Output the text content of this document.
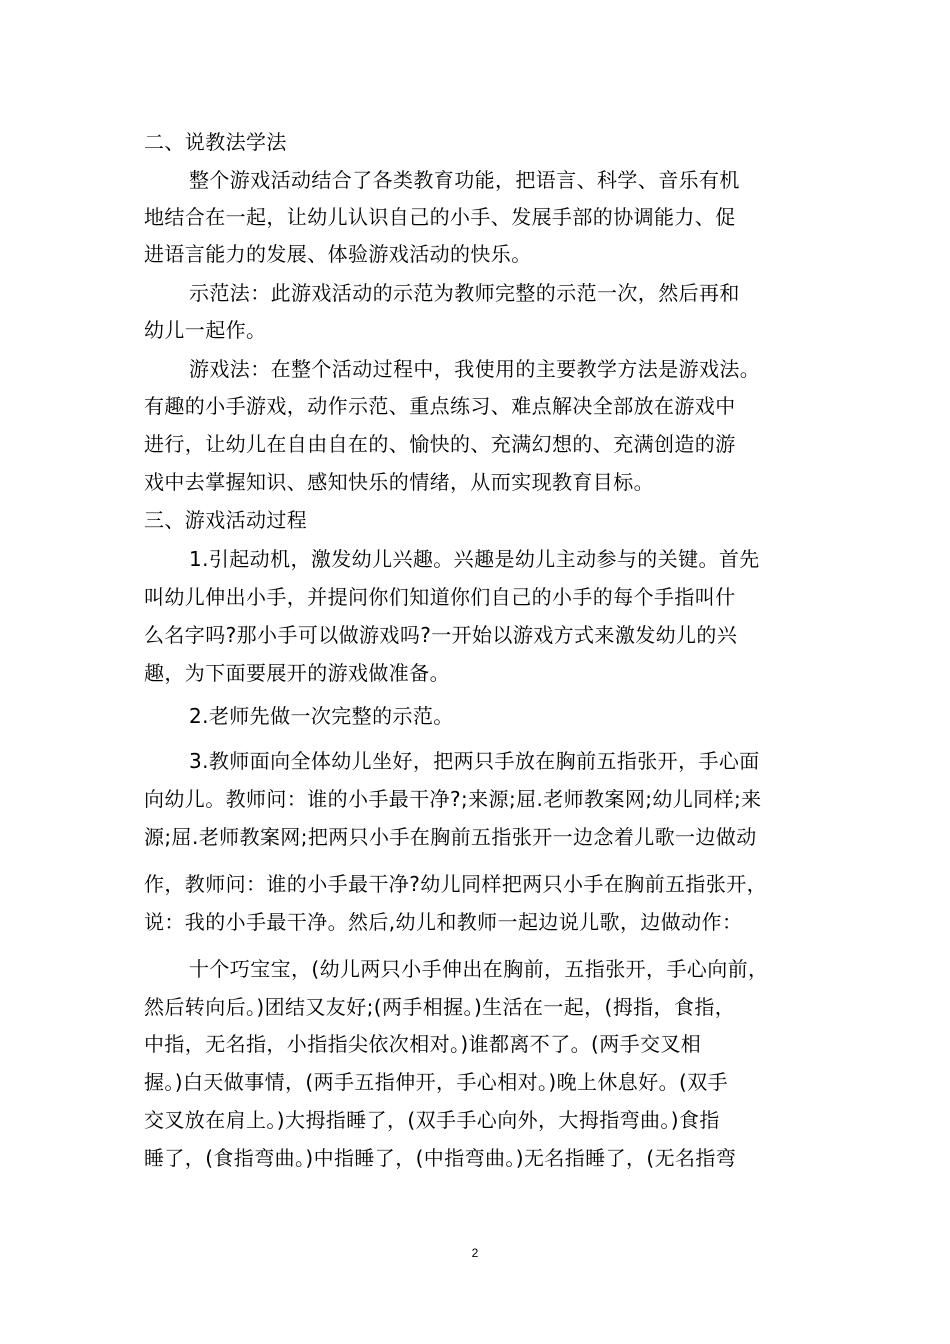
二、说教法学法
整个游戏活动结合了各类教育功能，把语言、科学、音乐有机
地结合在一起，让幼儿认识自己的小手、发展手部的协调能力、促
进语言能力的发展、体验游戏活动的快乐。
示范法：此游戏活动的示范为教师完整的示范一次，然后再和
幼儿一起作。
游戏法：在整个活动过程中，我使用的主要教学方法是游戏法。
有趣的小手游戏，动作示范、重点练习、难点解决全部放在游戏中
进行，让幼儿在自由自在的、愉快的、充满幻想的、充满创造的游
戏中去掌握知识、感知快乐的情绪，从而实现教育目标。
三、游戏活动过程
1.引起动机，激发幼儿兴趣。兴趣是幼儿主动参与的关键。首先
叫幼儿伸出小手，并提问你们知道你们自己的小手的每个手指叫什
么名字吗?那小手可以做游戏吗?一开始以游戏方式来激发幼儿的兴
趣，为下面要展开的游戏做准备。
2.老师先做一次完整的示范。
3.教师面向全体幼儿坐好，把两只手放在胸前五指张开，手心面
向幼儿。教师问：谁的小手最干净?;来源;屈.老师教案网;幼儿同样;来
源;屈.老师教案网;把两只小手在胸前五指张开一边念着儿歌一边做动
作，教师问：谁的小手最干净?幼儿同样把两只小手在胸前五指张开，
说：我的小手最干净。然后,幼儿和教师一起边说儿歌，边做动作：
十个巧宝宝，(幼儿两只小手伸出在胸前，五指张开，手心向前，
然后转向后。)团结又友好;(两手相握。)生活在一起，(拇指，食指，
中指，无名指，小指指尖依次相对。)谁都离不了。(两手交叉相
握。)白天做事情，(两手五指伸开，手心相对。)晚上休息好。(双手
交叉放在肩上。)大拇指睡了，(双手手心向外，大拇指弯曲。)食指
睡了，(食指弯曲。)中指睡了，(中指弯曲。)无名指睡了，(无名指弯
2
